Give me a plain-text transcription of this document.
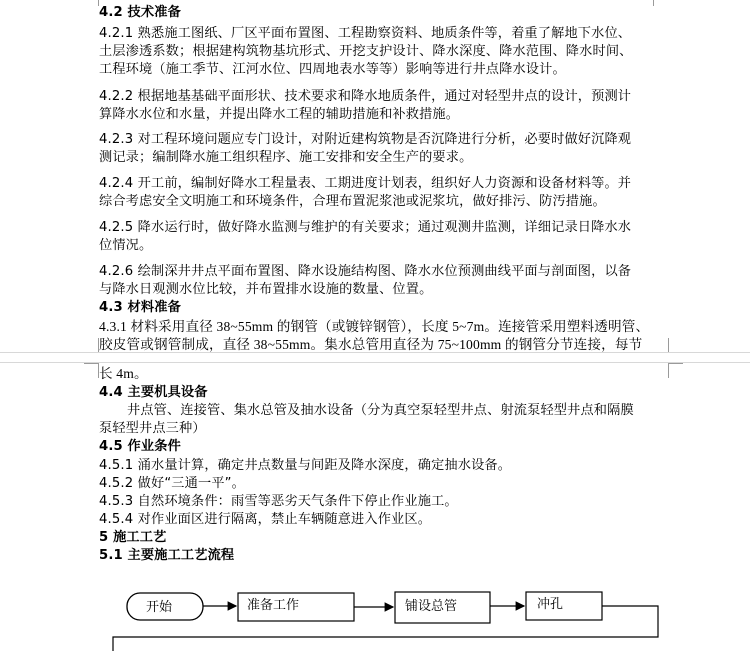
4.2 技术准备
4.2.1 熟悉施工图纸、厂区平面布置图、工程勘察资料、地质条件等，着重了解地下水位、
土层渗透系数；根据建构筑物基坑形式、开挖支护设计、降水深度、降水范围、降水时间、
工程环境（施工季节、江河水位、四周地表水等等）影响等进行井点降水设计。
4.2.2 根据地基基础平面形状、技术要求和降水地质条件，通过对轻型井点的设计，预测计
算降水水位和水量，并提出降水工程的辅助措施和补救措施。
4.2.3 对工程环境问题应专门设计，对附近建构筑物是否沉降进行分析，必要时做好沉降观
测记录；编制降水施工组织程序、施工安排和安全生产的要求。
4.2.4 开工前，编制好降水工程量表、工期进度计划表，组织好人力资源和设备材料等。并
综合考虑安全文明施工和环境条件，合理布置泥浆池或泥浆坑，做好排污、防汚措施。
4.2.5 降水运行时，做好降水监测与维护的有关要求；通过观测井监测，详细记录日降水水
位情况。
4.2.6 绘制深井井点平面布置图、降水设施结构图、降水水位预测曲线平面与剖面图，以备
与降水日观测水位比较，并布置排水设施的数量、位置。
4.3 材料准备
4.3.1 材料采用直径 38~55mm 的钢管（或镀锌钢管），长度 5~7m。连接管采用塑料透明管、
胶皮管或钢管制成，直径 38~55mm。集水总管用直径为 75~100mm 的钢管分节连接，每节
长 4m。
4.4 主要机具设备
井点管、连接管、集水总管及抽水设备（分为真空泵轻型井点、射流泵轻型井点和隔膜
泵轻型井点三种）
4.5 作业条件
4.5.1 涌水量计算，确定井点数量与间距及降水深度，确定抽水设备。
4.5.2 做好“三通一平”。
4.5.3 自然环境条件：雨雪等恶劣天气条件下停止作业施工。
4.5.4 对作业面区进行隔离，禁止车辆随意进入作业区。
5 施工工艺
5.1 主要施工工艺流程
开始	准备工作	铺设总管	冲孔
